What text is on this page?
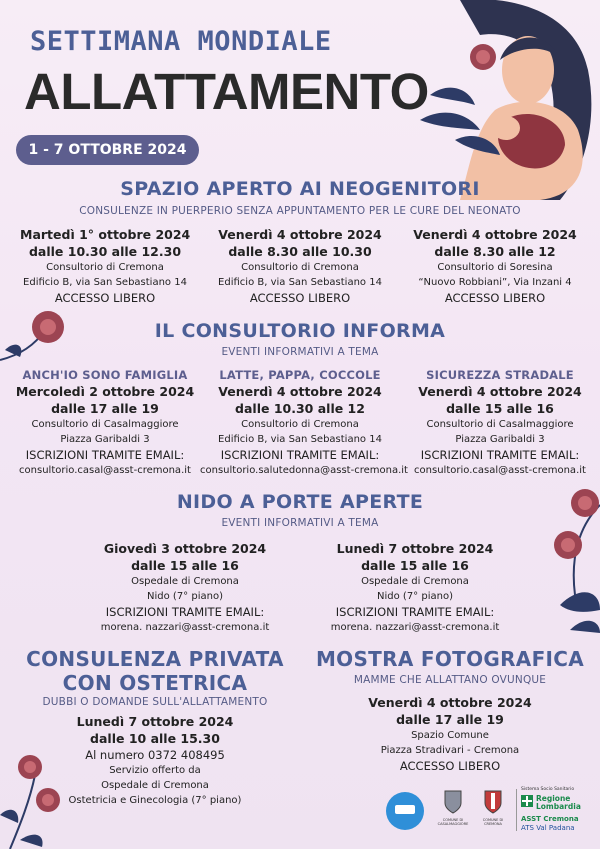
SETTIMANA MONDIALE
ALLATTAMENTO
1 - 7 OTTOBRE 2024
SPAZIO APERTO AI NEOGENITORI
CONSULENZE IN PUERPERIO SENZA APPUNTAMENTO PER LE CURE DEL NEONATO
Martedì 1° ottobre 2024
dalle 10.30 alle 12.30
Consultorio di Cremona
Edificio B, via San Sebastiano 14
ACCESSO LIBERO
Venerdì 4 ottobre 2024
dalle 8.30 alle 10.30
Consultorio di Cremona
Edificio B, via San Sebastiano 14
ACCESSO LIBERO
Venerdì 4 ottobre 2024
dalle 8.30 alle 12
Consultorio di Soresina
“Nuovo Robbiani”, Via Inzani 4
ACCESSO LIBERO
IL CONSULTORIO INFORMA
EVENTI INFORMATIVI A TEMA
ANCH'IO SONO FAMIGLIA
Mercoledì 2 ottobre 2024
dalle 17 alle 19
Consultorio di Casalmaggiore
Piazza Garibaldi 3
ISCRIZIONI TRAMITE EMAIL:
consultorio.casal@asst-cremona.it
LATTE, PAPPA, COCCOLE
Venerdì 4 ottobre 2024
dalle 10.30 alle 12
Consultorio di Cremona
Edificio B, via San Sebastiano 14
ISCRIZIONI TRAMITE EMAIL:
consultorio.salutedonna@asst-cremona.it
SICUREZZA STRADALE
Venerdì 4 ottobre 2024
dalle 15 alle 16
Consultorio di Casalmaggiore
Piazza Garibaldi 3
ISCRIZIONI TRAMITE EMAIL:
consultorio.casal@asst-cremona.it
NIDO A PORTE APERTE
EVENTI INFORMATIVI A TEMA
Giovedì 3 ottobre 2024
dalle 15 alle 16
Ospedale di Cremona
Nido (7° piano)
ISCRIZIONI TRAMITE EMAIL:
morena. nazzari@asst-cremona.it
Lunedì 7 ottobre 2024
dalle 15 alle 16
Ospedale di Cremona
Nido (7° piano)
ISCRIZIONI TRAMITE EMAIL:
morena. nazzari@asst-cremona.it
CONSULENZA PRIVATA
CON OSTETRICA
DUBBI O DOMANDE SULL'ALLATTAMENTO
Lunedì 7 ottobre 2024
dalle 10 alle 15.30
Al numero 0372 408495
Servizio offerto da
Ospedale di Cremona
Ostetricia e Ginecologia (7° piano)
MOSTRA FOTOGRAFICA
MAMME CHE ALLATTANO OVUNQUE
Venerdì 4 ottobre 2024
dalle 17 alle 19
Spazio Comune
Piazza Stradivari - Cremona
ACCESSO LIBERO
COMUNE DI CASALMAGGIORE
COMUNE DI CREMONA
Sistema Socio Sanitario
Regione Lombardia
ASST Cremona
ATS Val Padana
